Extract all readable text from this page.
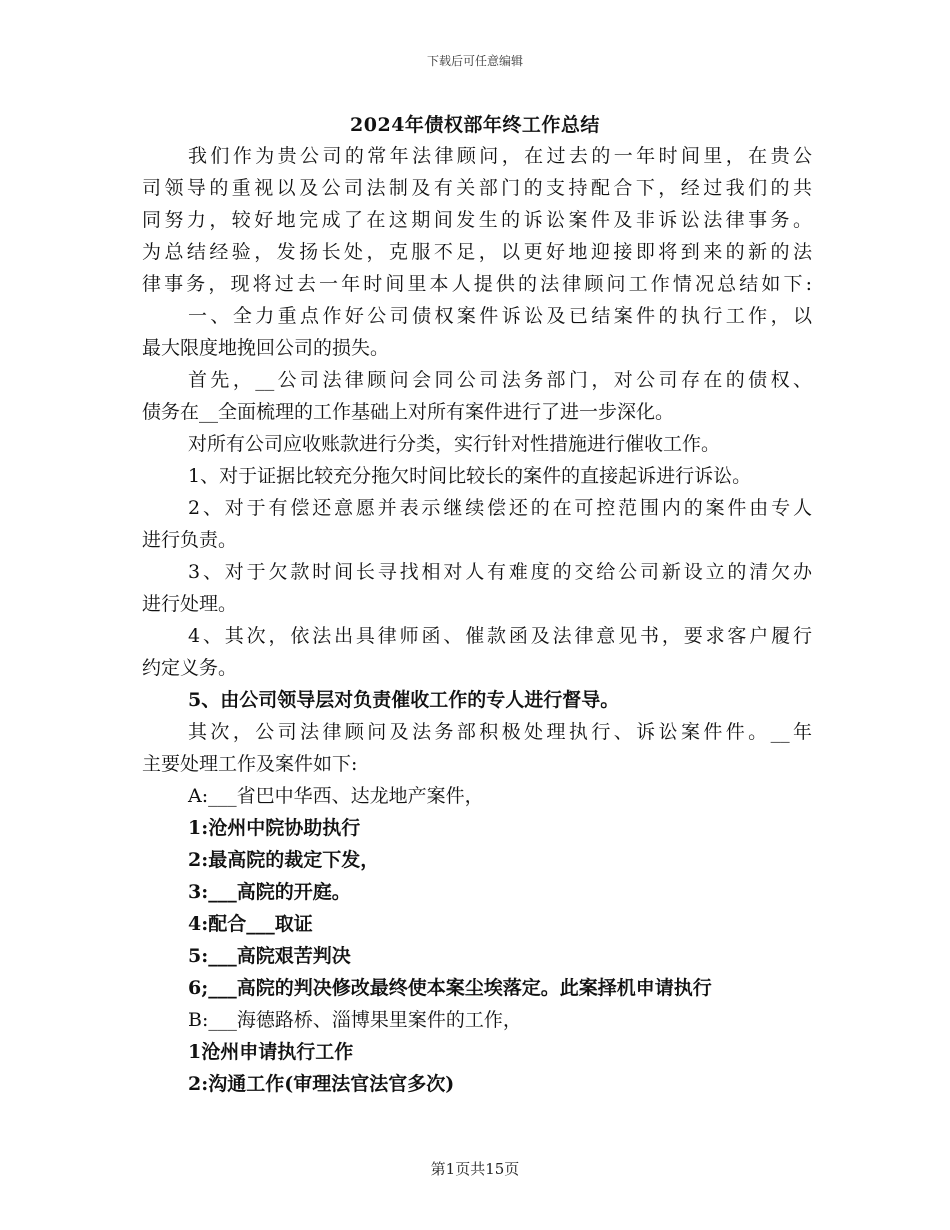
下载后可任意编辑
2024年债权部年终工作总结
我们作为贵公司的常年法律顾问，在过去的一年时间里，在贵公
司领导的重视以及公司法制及有关部门的支持配合下，经过我们的共
同努力，较好地完成了在这期间发生的诉讼案件及非诉讼法律事务。
为总结经验，发扬长处，克服不足，以更好地迎接即将到来的新的法
律事务，现将过去一年时间里本人提供的法律顾问工作情况总结如下:
一、全力重点作好公司债权案件诉讼及已结案件的执行工作，以
最大限度地挽回公司的损失。
首先，__公司法律顾问会同公司法务部门，对公司存在的债权、
债务在__全面梳理的工作基础上对所有案件进行了进一步深化。
对所有公司应收账款进行分类，实行针对性措施进行催收工作。
1、对于证据比较充分拖欠时间比较长的案件的直接起诉进行诉讼。
2、对于有偿还意愿并表示继续偿还的在可控范围内的案件由专人
进行负责。
3、对于欠款时间长寻找相对人有难度的交给公司新设立的清欠办
进行处理。
4、其次，依法出具律师函、催款函及法律意见书，要求客户履行
约定义务。
5、由公司领导层对负责催收工作的专人进行督导。
其次，公司法律顾问及法务部积极处理执行、诉讼案件件。__年
主要处理工作及案件如下:
A:___省巴中华西、达龙地产案件，
1:沧州中院协助执行
2:最高院的裁定下发，
3:___高院的开庭。
4:配合___取证
5:___高院艰苦判决
6;___高院的判决修改最终使本案尘埃落定。此案择机申请执行
B:___海德路桥、淄博果里案件的工作，
1沧州申请执行工作
2:沟通工作(审理法官法官多次)
第1页共15页
